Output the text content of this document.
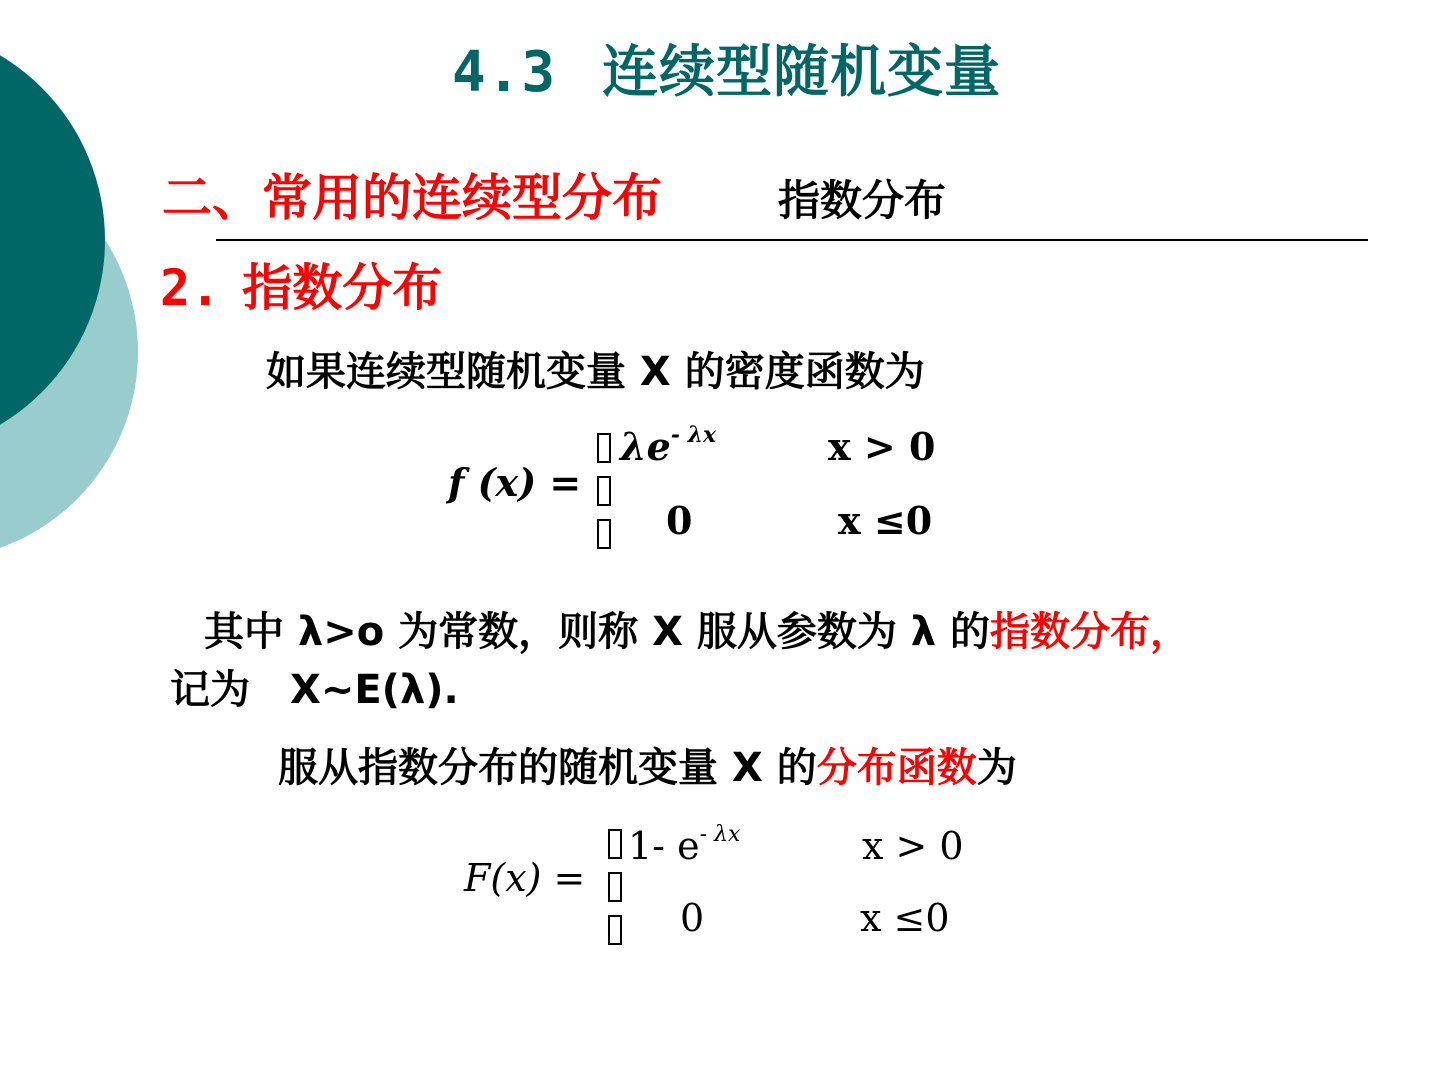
4.3 连续型随机变量
二、常用的连续型分布	指数分布
2. 指数分布
如果连续型随机变量 X 的密度函数为
f (x) =
$\lambda e^{- \lambda x}$	x > 0
0	x ≤0
其中 λ>o 为常数，则称 X 服从参数为 λ 的指数分布，
记为　X~E(λ).
服从指数分布的随机变量 X 的分布函数为
F(x) =
1- $e^{- \lambda x}$	x > 0
0	x ≤0
